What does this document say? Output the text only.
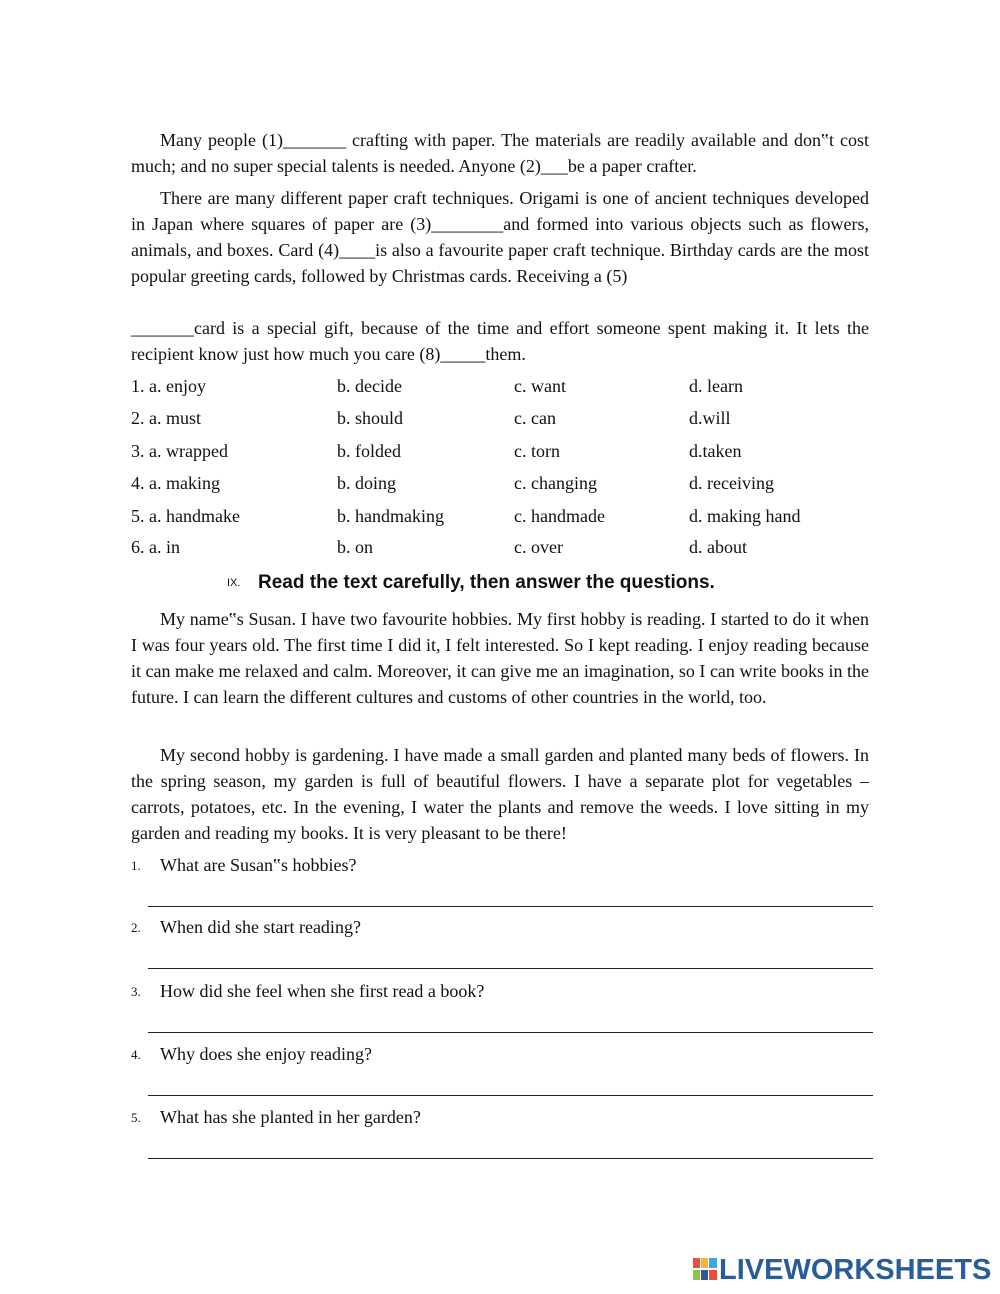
Many people (1)_______ crafting with paper. The materials are readily available and don‟t cost much; and no super special talents is needed. Anyone (2)___be a paper crafter.

There are many different paper craft techniques. Origami is one of ancient techniques developed in Japan where squares of paper are (3)________and formed into various objects such as flowers, animals, and boxes. Card (4)____is also a favourite paper craft technique. Birthday cards are the most popular greeting cards, followed by Christmas cards. Receiving a (5)

_______card is a special gift, because of the time and effort someone spent making it. It lets the recipient know just how much you care (8)_____them.

1. a. enjoy	b. decide	c. want	d. learn
2. a. must	b. should	c. can	d.will
3. a. wrapped	b. folded	c. torn	d.taken
4. a. making	b. doing	c. changing	d. receiving
5. a. handmake	b. handmaking	c. handmade	d. making hand
6. a. in	b. on	c. over	d. about
IX. Read the text carefully, then answer the questions.

My name‟s Susan. I have two favourite hobbies. My first hobby is reading. I started to do it when I was four years old. The first time I did it, I felt interested. So I kept reading. I enjoy reading because it can make me relaxed and calm. Moreover, it can give me an imagination, so I can write books in the future. I can learn the different cultures and customs of other countries in the world, too.

My second hobby is gardening. I have made a small garden and planted many beds of flowers. In the spring season, my garden is full of beautiful flowers. I have a separate plot for vegetables – carrots, potatoes, etc. In the evening, I water the plants and remove the weeds. I love sitting in my garden and reading my books. It is very pleasant to be there!

1. What are Susan‟s hobbies?
2. When did she start reading?
3. How did she feel when she first read a book?
4. Why does she enjoy reading?
5. What has she planted in her garden?
LIVEWORKSHEETS
